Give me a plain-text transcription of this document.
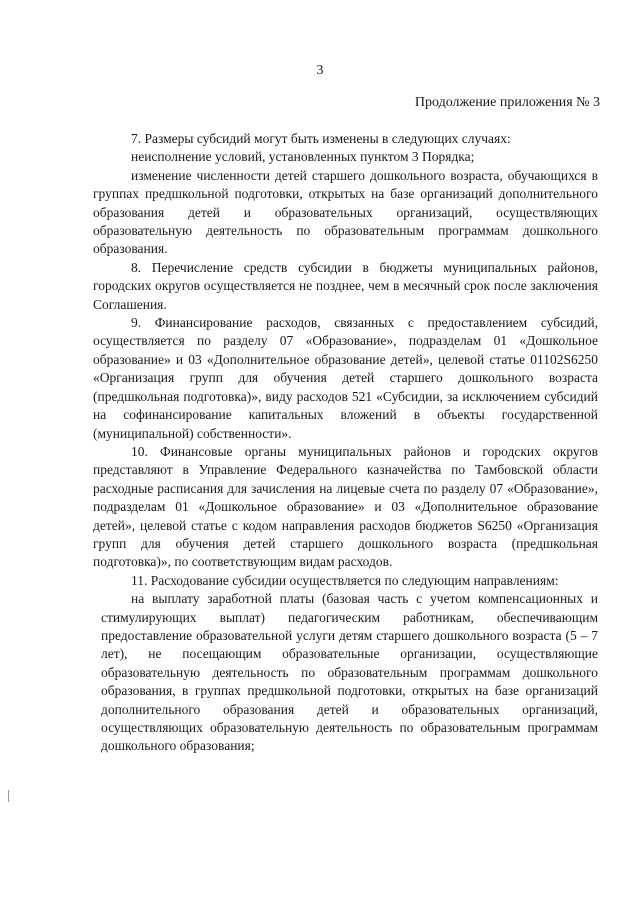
3
Продолжение приложения № 3

7. Размеры субсидий могут быть изменены в следующих случаях:

неисполнение условий, установленных пунктом 3 Порядка;

изменение численности детей старшего дошкольного возраста, обучающихся в группах предшкольной подготовки, открытых на базе организаций дополнительного образования детей и образовательных организаций, осуществляющих образовательную деятельность по образовательным программам дошкольного образования.

8. Перечисление средств субсидии в бюджеты муниципальных районов, городских округов осуществляется не позднее, чем в месячный срок после заключения Соглашения.

9. Финансирование расходов, связанных с предоставлением субсидий, осуществляется по разделу 07 «Образование», подразделам 01 «Дошкольное образование» и 03 «Дополнительное образование детей», целевой статье 01102S6250 «Организация групп для обучения детей старшего дошкольного возраста (предшкольная подготовка)», виду расходов 521 «Субсидии, за исключением субсидий на софинансирование капитальных вложений в объекты государственной (муниципальной) собственности».

10. Финансовые органы муниципальных районов и городских округов представляют в Управление Федерального казначейства по Тамбовской области расходные расписания для зачисления на лицевые счета по разделу 07 «Образование», подразделам 01 «Дошкольное образование» и 03 «Дополнительное образование детей», целевой статье с кодом направления расходов бюджетов S6250 «Организация групп для обучения детей старшего дошкольного возраста (предшкольная подготовка)», по соответствующим видам расходов.

11. Расходование субсидии осуществляется по следующим направлениям:

на выплату заработной платы (базовая часть с учетом компенсационных и стимулирующих выплат) педагогическим работникам, обеспечивающим предоставление образовательной услуги детям старшего дошкольного возраста (5 – 7 лет), не посещающим образовательные организации, осуществляющие образовательную деятельность по образовательным программам дошкольного образования, в группах предшкольной подготовки, открытых на базе организаций дополнительного образования детей и образовательных организаций, осуществляющих образовательную деятельность по образовательным программам дошкольного образования;
